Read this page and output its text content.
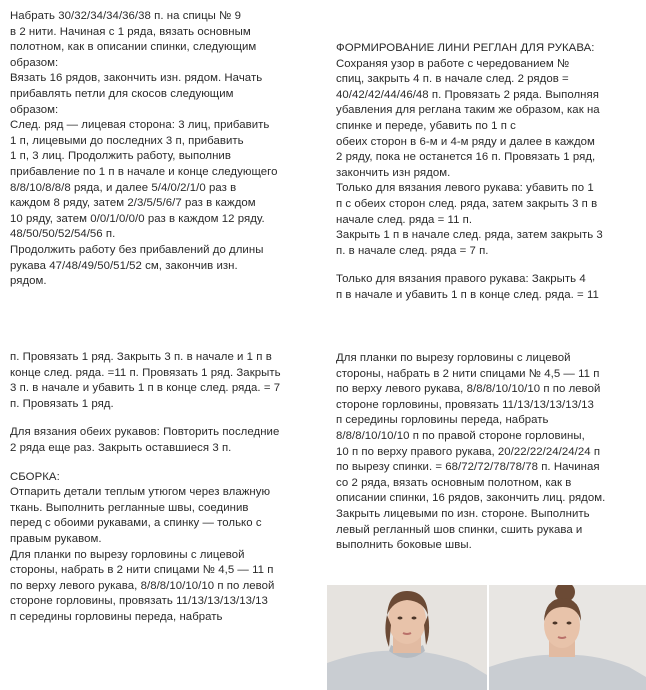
Набрать 30/32/34/34/36/38 п. на спицы № 9
в 2 нити. Начиная с 1 ряда, вязать основным
полотном, как в описании спинки, следующим
образом:

Вязать 16 рядов, закончить изн. рядом. Начать
прибавлять петли для скосов следующим
образом:

След. ряд — лицевая сторона: 3 лиц, прибавить
1 п, лицевыми до последних 3 п, прибавить
1 п, 3 лиц. Продолжить работу, выполнив
прибавление по 1 п в начале и конце следующего
8/8/10/8/8/8 ряда, и далее 5/4/0/2/1/0 раз в
каждом 8 ряду, затем 2/3/5/5/6/7 раз в каждом
10 ряду, затем 0/0/1/0/0/0 раз в каждом 12 ряду.
48/50/50/52/54/56 п.

Продолжить работу без прибавлений до длины
рукава 47/48/49/50/51/52 см, закончив изн.
рядом.

п. Провязать 1 ряд. Закрыть 3 п. в начале и 1 п в
конце след. ряда. =11 п. Провязать 1 ряд. Закрыть
3 п. в начале и убавить 1 п в конце след. ряда. = 7
п. Провязать 1 ряд.

Для вязания обеих рукавов: Повторить последние
2 ряда еще раз. Закрыть оставшиеся 3 п.

СБОРКА:

Отпарить детали теплым утюгом через влажную
ткань. Выполнить регланные швы, соединив
перед с обоими рукавами, а спинку — только с
правым рукавом.

Для планки по вырезу горловины с лицевой
стороны, набрать в 2 нити спицами № 4,5 — 11 п
по верху левого рукава, 8/8/8/10/10/10 п по левой
стороне горловины, провязать 11/13/13/13/13/13
п середины горловины переда, набрать

ФОРМИРОВАНИЕ ЛИНИ РЕГЛАН ДЛЯ РУКАВА:

Сохраняя узор в работе с чередованием №
спиц, закрыть 4 п. в начале след. 2 рядов =
40/42/42/44/46/48 п. Провязать 2 ряда. Выполняя
убавления для реглана таким же образом, как на
спинке и переде, убавить по 1 п с
обеих сторон в 6-м и 4-м ряду и далее в каждом
2 ряду, пока не останется 16 п. Провязать 1 ряд,
закончить изн рядом.

Только для вязания левого рукава: убавить по 1
п с обеих сторон след. ряда, затем закрыть 3 п в
начале след. ряда = 11 п.
Закрыть 1 п в начале след. ряда, затем закрыть 3
п. в начале след. ряда = 7 п.

Только для вязания правого рукава: Закрыть 4
п в начале и убавить 1 п в конце след. ряда. = 11

Для планки по вырезу горловины с лицевой
стороны, набрать в 2 нити спицами № 4,5 — 11 п
по верху левого рукава, 8/8/8/10/10/10 п по левой
стороне горловины, провязать 11/13/13/13/13/13
п середины горловины переда, набрать
8/8/8/10/10/10 п по правой стороне горловины,
10 п по верху правого рукава, 20/22/22/24/24/24 п
по вырезу спинки. = 68/72/72/78/78/78 п. Начиная
со 2 ряда, вязать основным полотном, как в
описании спинки, 16 рядов, закончить лиц. рядом.
Закрыть лицевыми по изн. стороне. Выполнить
левый регланный шов спинки, сшить рукава и
выполнить боковые швы.
